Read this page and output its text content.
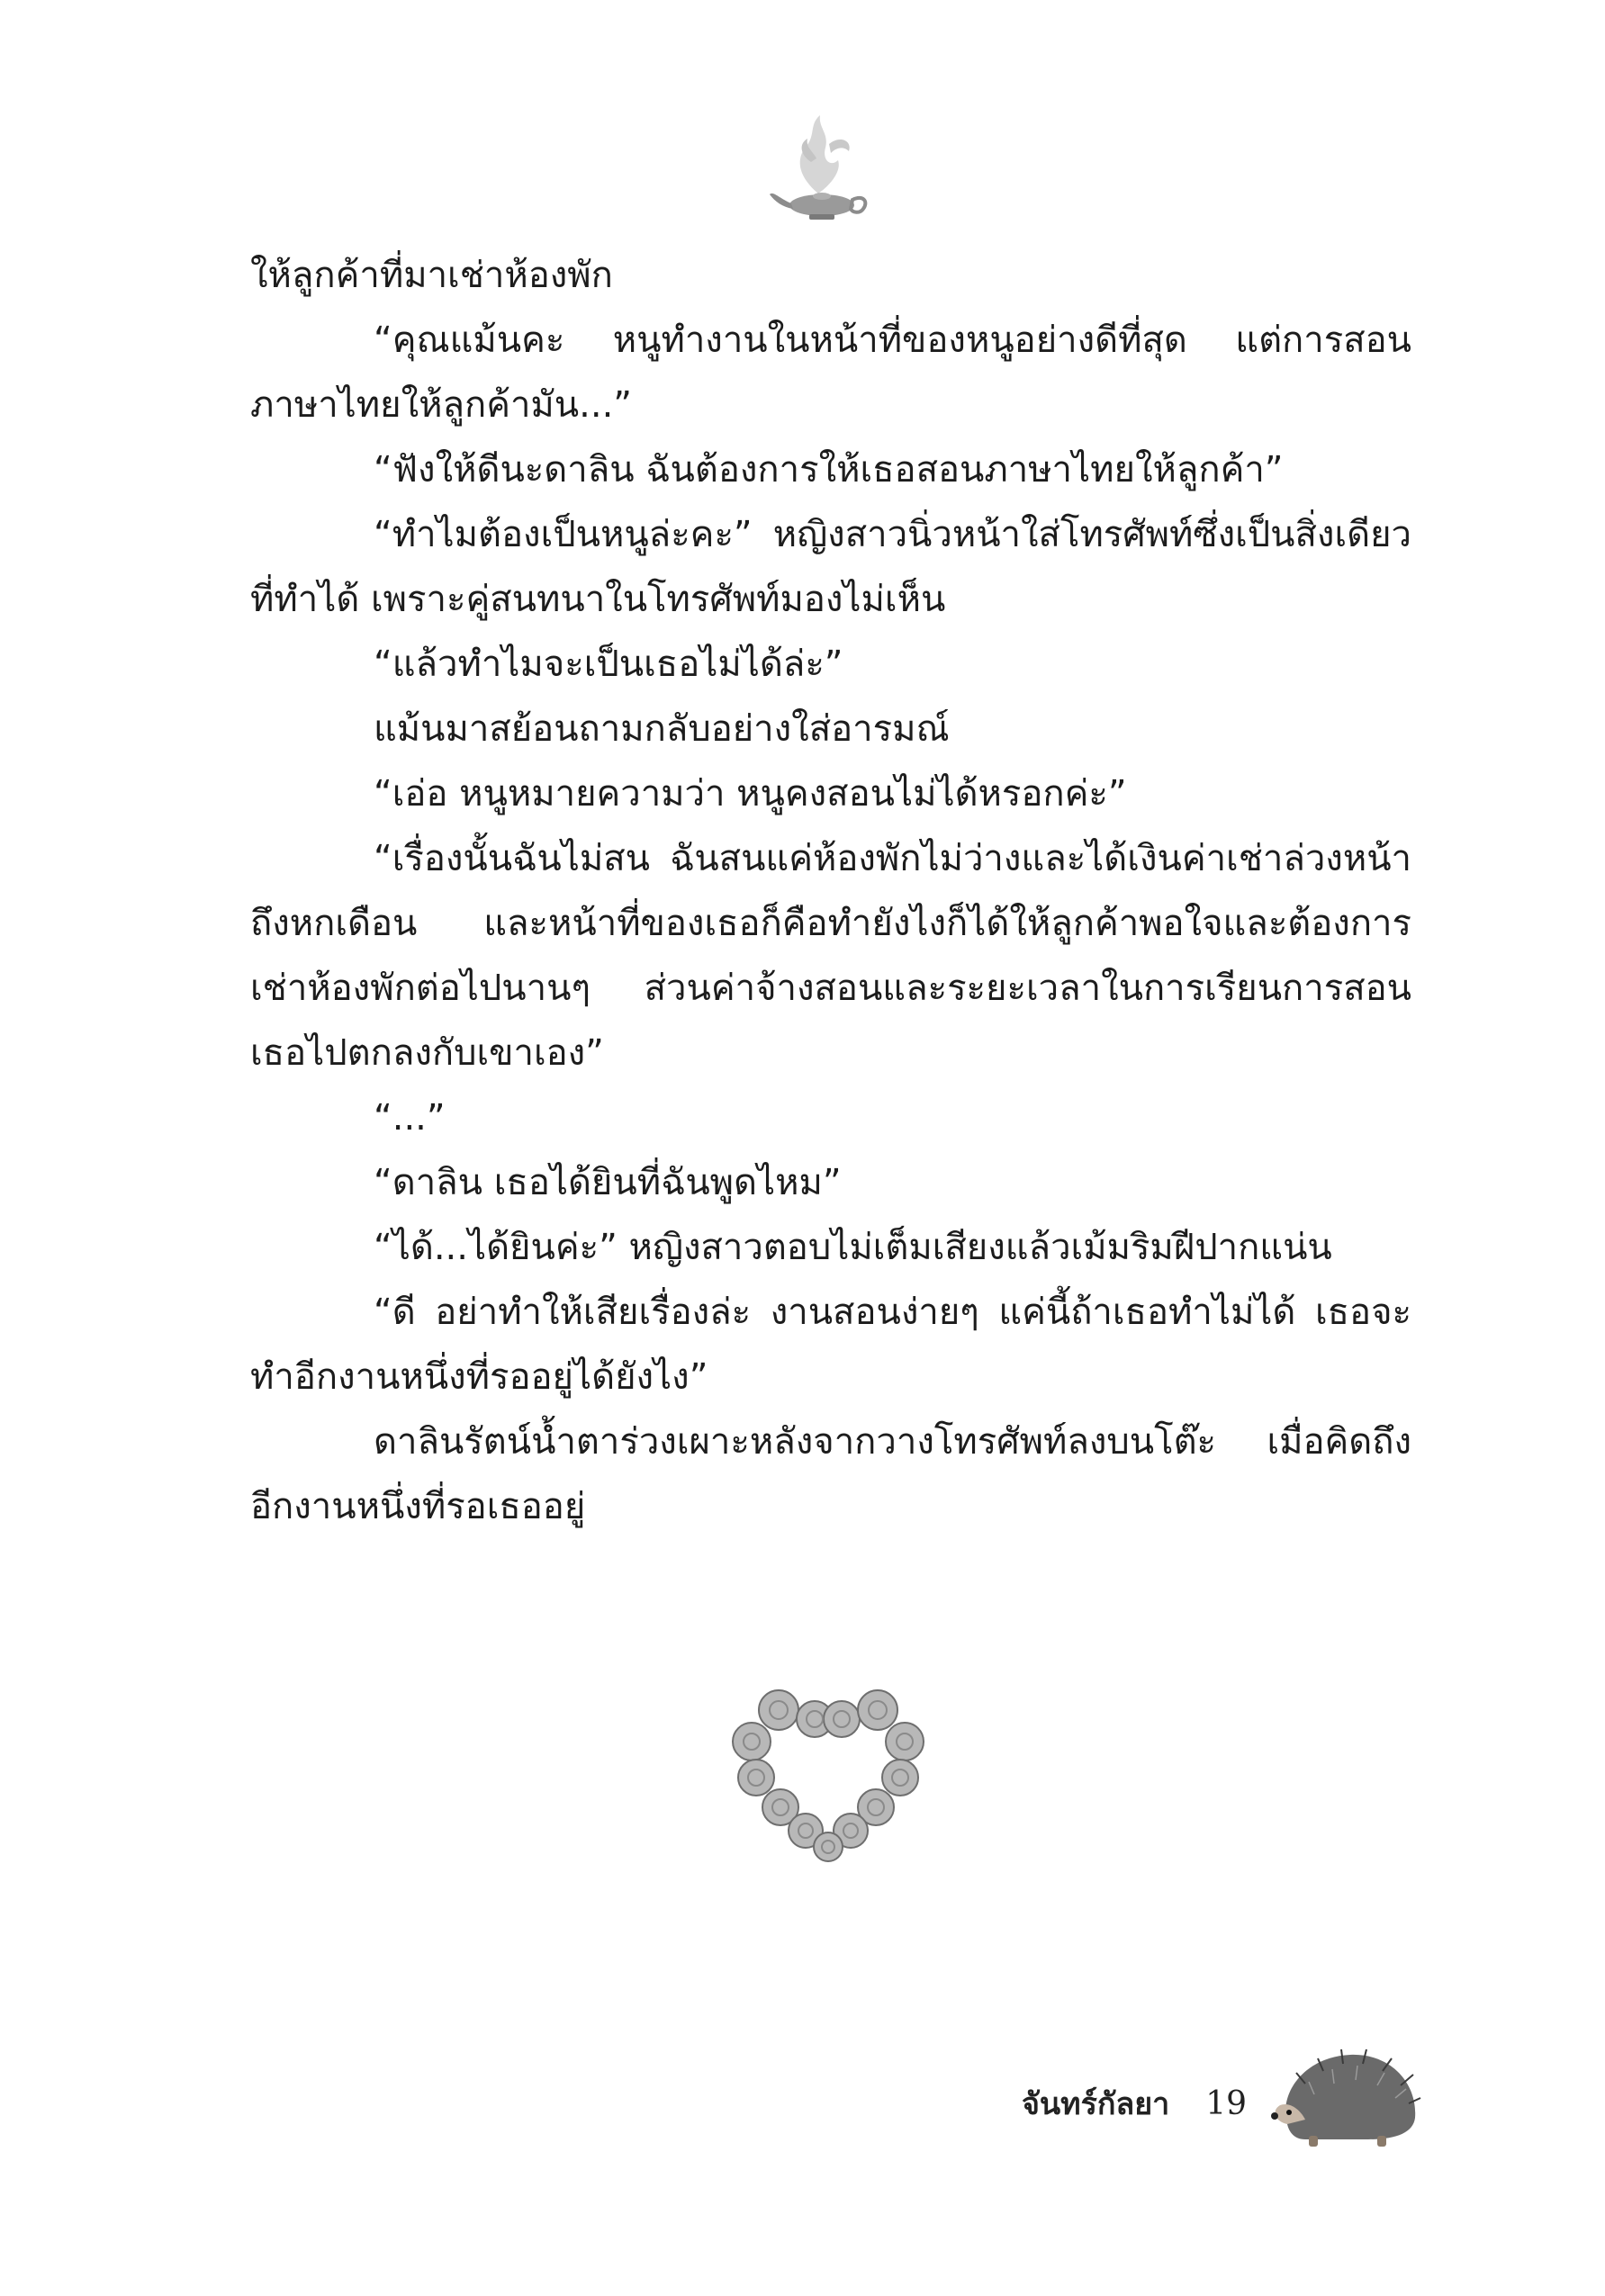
ให้ลูกค้าที่มาเช่าห้องพัก

“คุณแม้นคะ หนูทำงานในหน้าที่ของหนูอย่างดีที่สุด แต่การสอนภาษาไทยให้ลูกค้ามัน...”

“ฟังให้ดีนะดาลิน ฉันต้องการให้เธอสอนภาษาไทยให้ลูกค้า”

“ทำไมต้องเป็นหนูล่ะคะ” หญิงสาวนิ่วหน้าใส่โทรศัพท์ซึ่งเป็นสิ่งเดียวที่ทำได้ เพราะคู่สนทนาในโทรศัพท์มองไม่เห็น

“แล้วทำไมจะเป็นเธอไม่ได้ล่ะ”

แม้นมาสย้อนถามกลับอย่างใส่อารมณ์

“เอ่อ หนูหมายความว่า หนูคงสอนไม่ได้หรอกค่ะ”

“เรื่องนั้นฉันไม่สน ฉันสนแค่ห้องพักไม่ว่างและได้เงินค่าเช่าล่วงหน้าถึงหกเดือน และหน้าที่ของเธอก็คือทำยังไงก็ได้ให้ลูกค้าพอใจและต้องการเช่าห้องพักต่อไปนานๆ ส่วนค่าจ้างสอนและระยะเวลาในการเรียนการสอนเธอไปตกลงกับเขาเอง”

“...”

“ดาลิน เธอได้ยินที่ฉันพูดไหม”

“ได้...ได้ยินค่ะ” หญิงสาวตอบไม่เต็มเสียงแล้วเม้มริมฝีปากแน่น

“ดี อย่าทำให้เสียเรื่องล่ะ งานสอนง่ายๆ แค่นี้ถ้าเธอทำไม่ได้ เธอจะทำอีกงานหนึ่งที่รออยู่ได้ยังไง”

ดาลินรัตน์น้ำตาร่วงเผาะหลังจากวางโทรศัพท์ลงบนโต๊ะ เมื่อคิดถึงอีกงานหนึ่งที่รอเธออยู่

จันทร์กัลยา 19
